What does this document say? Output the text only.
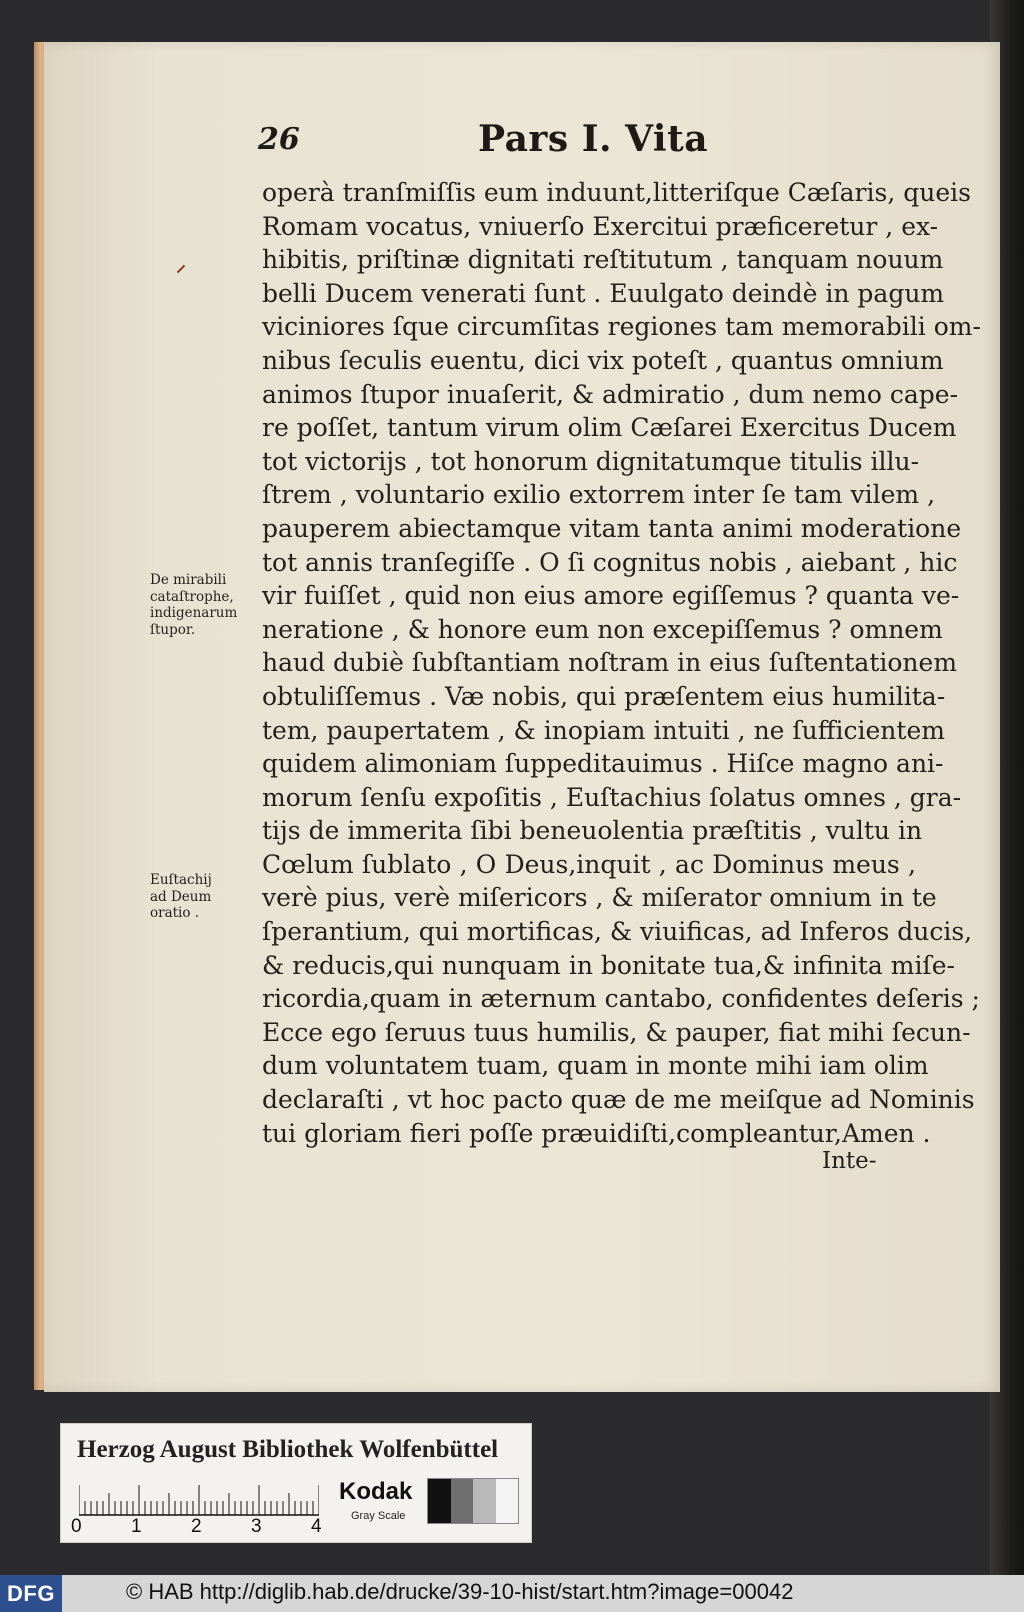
26	Pars I. Vita
operà tranſmiſſis eum induunt,litteriſque Cæſaris, queis
Romam vocatus, vniuerſo Exercitui præficeretur , ex-
hibitis, priſtinæ dignitati reſtitutum , tanquam nouum
belli Ducem venerati ſunt . Euulgato deindè in pagum
viciniores ſque circumſitas regiones tam memorabili om-
nibus ſeculis euentu, dici vix poteſt , quantus omnium
animos ſtupor inuaſerit, & admiratio , dum nemo cape-
re poſſet, tantum virum olim Cæſarei Exercitus Ducem
tot victorijs , tot honorum dignitatumque titulis illu-
ſtrem , voluntario exilio extorrem inter ſe tam vilem ,
pauperem abiectamque vitam tanta animi moderatione
tot annis tranſegiſſe . O ſi cognitus nobis , aiebant , hic
vir fuiſſet , quid non eius amore egiſſemus ? quanta ve-
neratione , & honore eum non excepiſſemus ? omnem
haud dubiè ſubſtantiam noſtram in eius ſuſtentationem
obtuliſſemus . Væ nobis, qui præſentem eius humilita-
tem, paupertatem , & inopiam intuiti , ne ſufficientem
quidem alimoniam ſuppeditauimus . Hiſce magno ani-
morum ſenſu expoſitis , Euſtachius ſolatus omnes , gra-
tijs de immerita ſibi beneuolentia præſtitis , vultu in
Cœlum ſublato , O Deus,inquit , ac Dominus meus ,
verè pius, verè miſericors , & miſerator omnium in te
ſperantium, qui mortificas, & viuificas, ad Inferos ducis,
& reducis,qui nunquam in bonitate tua,& infinita miſe-
ricordia,quam in æternum cantabo, confidentes deſeris ;
Ecce ego ſeruus tuus humilis, & pauper, fiat mihi ſecun-
dum voluntatem tuam, quam in monte mihi iam olim
declaraſti , vt hoc pacto quæ de me meiſque ad Nominis
tui gloriam fieri poſſe præuidiſti,compleantur,Amen .
Inte-
De mirabili
cataſtrophe,
indigenarum
ſtupor.
Euſtachij
ad Deum
oratio .
Herzog August Bibliothek Wolfenbüttel
0	1	2	3	4
Kodak
Gray Scale
DFG	© HAB http://diglib.hab.de/drucke/39-10-hist/start.htm?image=00042
